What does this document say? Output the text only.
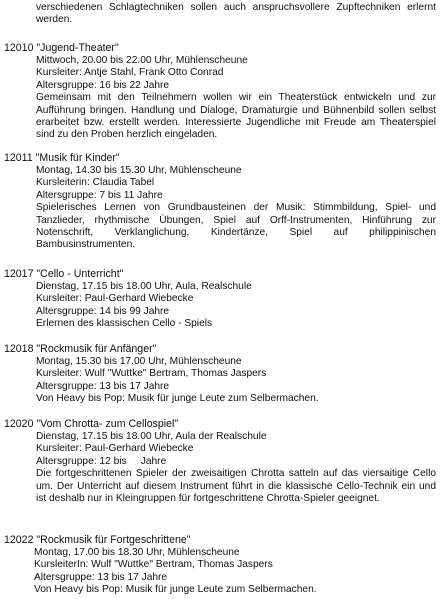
verschiedenen Schlagtechniken sollen auch anspruchsvollere Zupftechniken erlernt werden.
12010 "Jugend-Theater"
Mittwoch, 20.00 bis 22.00 Uhr, Mühlenscheune
Kursleiter: Antje Stahl, Frank Otto Conrad
Altersgruppe: 16 bis 22 Jahre
Gemeinsam mit den Teilnehmern wollen wir ein Theaterstück entwickeln und zur Aufführung bringen. Handlung und Dialoge, Dramaturgie und Bühnenbild sollen selbst erarbeitet bzw. erstellt werden. Interessierte Jugendliche mit Freude am Theaterspiel sind zu den Proben herzlich eingeladen.
12011 "Musik für Kinder"
Montag, 14.30 bis 15.30 Uhr, Mühlenscheune
Kursleiterin: Claudia Tabel
Altersgruppe: 7 bis 11 Jahre
Spielerisches Lernen von Grundbausteinen der Musik: Stimmbildung, Spiel- und Tanzlieder, rhythmische Übungen, Spiel auf Orff-Instrumenten, Hinführung zur Notenschrift, Verklanglichung, Kindertänze, Spiel auf philippinischen Bambusinstrumenten.
12017 "Cello - Unterricht"
Dienstag, 17.15 bis 18.00 Uhr, Aula, Realschule
Kursleiter: Paul-Gerhard Wiebecke
Altersgruppe: 14 bis 99 Jahre
Erlernen des klassischen Cello - Spiels
12018 "Rockmusik für Anfänger"
Montag, 15.30 bis 17.00 Uhr, Mühlenscheune
Kursleiter: Wulf "Wuttke" Bertram, Thomas Jaspers
Altersgruppe: 13 bis 17 Jahre
Von Heavy bis Pop: Musik für junge Leute zum Selbermachen.
12020 "Vom Chrotta- zum Cellospiel"
Dienstag, 17.15 bis 18.00 Uhr, Aula der Realschule
Kursleiter: Paul-Gerhard Wiebecke
Altersgruppe: 12 bis     Jahre
Die fortgeschrittenen Spieler der zweisaitigen Chrotta satteln auf das viersaitige Cello um. Der Unterricht auf diesem Instrument führt in die klassische Cello-Technik ein und ist deshalb nur in Kleingruppen für fortgeschrittene Chrotta-Spieler geeignet.
12022 "Rockmusik für Fortgeschrittene"
Montag, 17.00 bis 18.30 Uhr, Mühlenscheune
KursleiterIn: Wulf "Wuttke" Bertram, Thomas Jaspers
Altersgruppe: 13 bis 17 Jahre
Von Heavy bis Pop: Musik für junge Leute zum Selbermachen.
